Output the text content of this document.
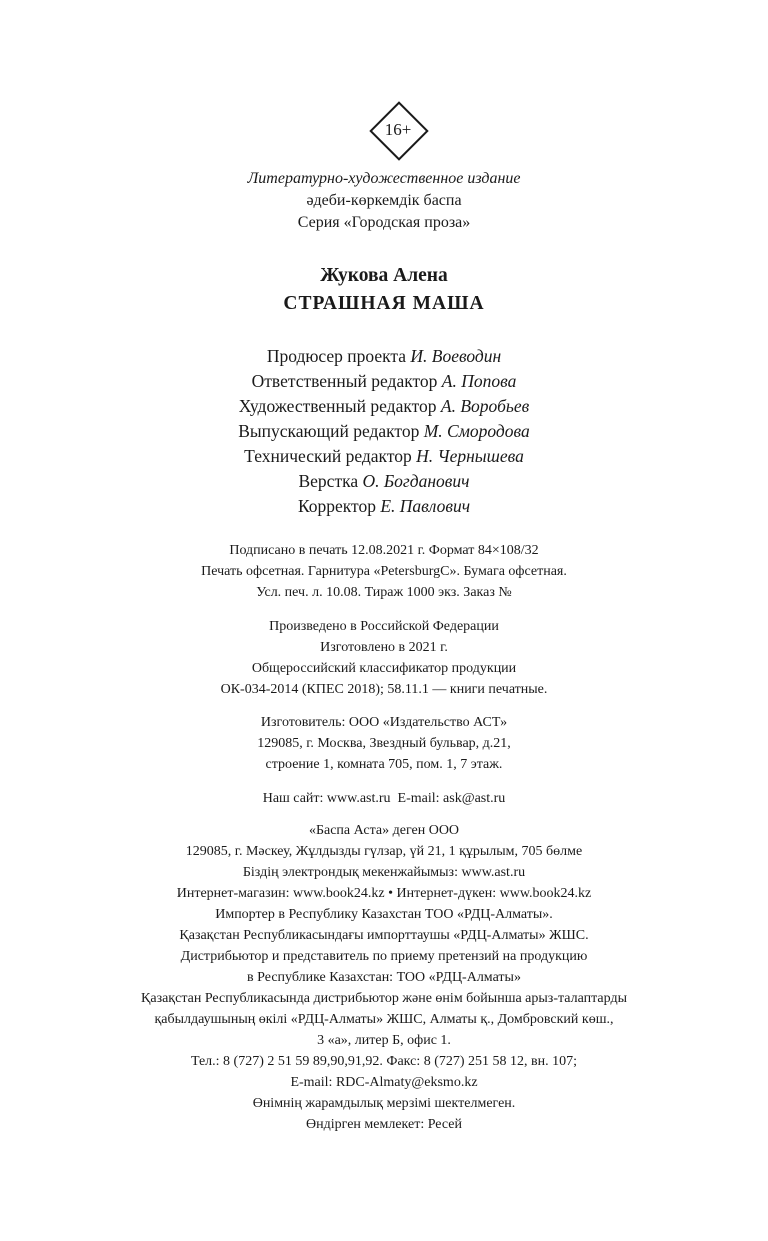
16+
Литературно-художественное издание
әдеби-көркемдік баспа
Серия «Городская проза»
Жукова Алена
СТРАШНАЯ МАША
Продюсер проекта И. Воеводин
Ответственный редактор А. Попова
Художественный редактор А. Воробьев
Выпускающий редактор М. Смородова
Технический редактор Н. Чернышева
Верстка О. Богданович
Корректор Е. Павлович
Подписано в печать 12.08.2021 г. Формат 84×108/32
Печать офсетная. Гарнитура «PetersburgC». Бумага офсетная.
Усл. печ. л. 10.08. Тираж 1000 экз. Заказ №
Произведено в Российской Федерации
Изготовлено в 2021 г.
Общероссийский классификатор продукции
ОК-034-2014 (КПЕС 2018); 58.11.1 — книги печатные.
Изготовитель: ООО «Издательство АСТ»
129085, г. Москва, Звездный бульвар, д.21,
строение 1, комната 705, пом. 1, 7 этаж.
Наш сайт: www.ast.ru  E-mail: ask@ast.ru
«Баспа Аста» деген ООО
129085, г. Мәскеу, Жұлдызды гүлзар, үй 21, 1 құрылым, 705 бөлме
Біздің электрондық мекенжайымыз: www.ast.ru
Интернет-магазин: www.book24.kz • Интернет-дүкен: www.book24.kz
Импортер в Республику Казахстан ТОО «РДЦ-Алматы».
Қазақстан Республикасындағы импорттаушы «РДЦ-Алматы» ЖШС.
Дистрибьютор и представитель по приему претензий на продукцию
в Республике Казахстан: ТОО «РДЦ-Алматы»
Қазақстан Республикасында дистрибьютор және өнім бойынша арыз-талаптарды
қабылдаушының өкілі «РДЦ-Алматы» ЖШС, Алматы қ., Домбровский көш.,
3 «а», литер Б, офис 1.
Тел.: 8 (727) 2 51 59 89,90,91,92. Факс: 8 (727) 251 58 12, вн. 107;
E-mail: RDC-Almaty@eksmo.kz
Өнімнің жарамдылық мерзімі шектелмеген.
Өндірген мемлекет: Ресей
